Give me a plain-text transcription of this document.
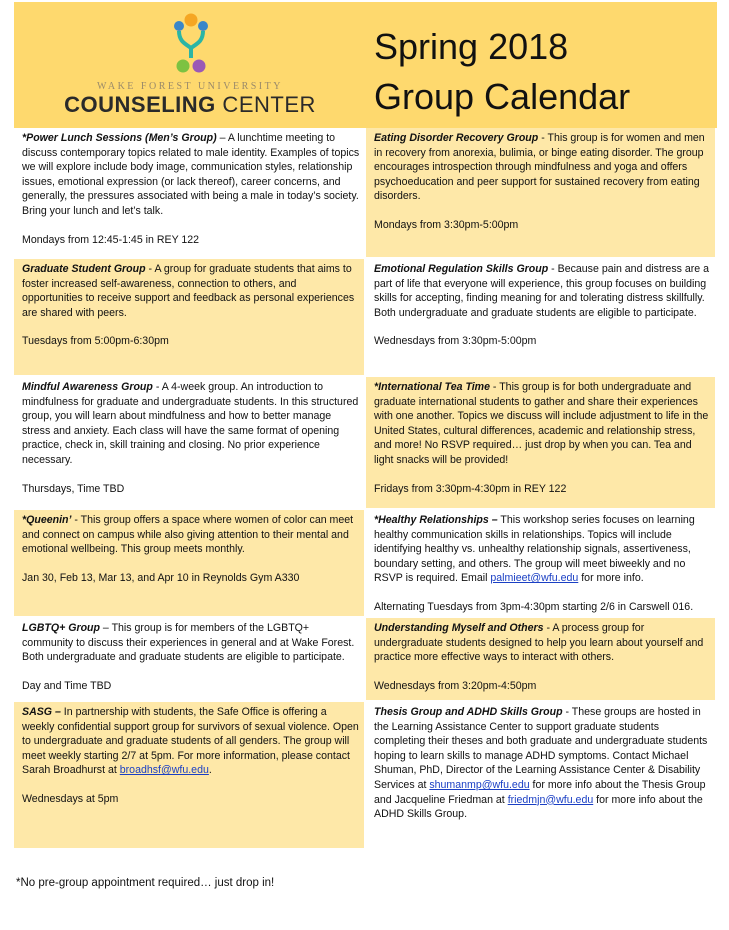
WAKE FOREST UNIVERSITY
COUNSELING CENTER
Spring 2018
Group Calendar

*Power Lunch Sessions (Men’s Group) – A lunchtime meeting to discuss contemporary topics related to male identity. Examples of topics we will explore include body image, communication styles, relationship issues, emotional expression (or lack thereof), career concerns, and generally, the pressures associated with being a male in today’s society. Bring your lunch and let’s talk.

Mondays from 12:45-1:45 in REY 122

Eating Disorder Recovery Group - This group is for women and men in recovery from anorexia, bulimia, or binge eating disorder. The group encourages introspection through mindfulness and yoga and offers psychoeducation and peer support for sustained recovery from eating disorders.

Mondays from 3:30pm-5:00pm

Graduate Student Group - A group for graduate students that aims to foster increased self-awareness, connection to others, and opportunities to receive support and feedback as personal experiences are shared with peers.

Tuesdays from 5:00pm-6:30pm

Emotional Regulation Skills Group - Because pain and distress are a part of life that everyone will experience, this group focuses on building skills for accepting, finding meaning for and tolerating distress skillfully. Both undergraduate and graduate students are eligible to participate.

Wednesdays from 3:30pm-5:00pm

Mindful Awareness Group - A 4-week group. An introduction to mindfulness for graduate and undergraduate students. In this structured group, you will learn about mindfulness and how to better manage stress and anxiety. Each class will have the same format of opening practice, check in, skill training and closing. No prior experience necessary.

Thursdays, Time TBD

*International Tea Time - This group is for both undergraduate and graduate international students to gather and share their experiences with one another. Topics we discuss will include adjustment to life in the United States, cultural differences, academic and relationship stress, and more! No RSVP required… just drop by when you can. Tea and light snacks will be provided!

Fridays from 3:30pm-4:30pm in REY 122

*Queenin’ - This group offers a space where women of color can meet and connect on campus while also giving attention to their mental and emotional wellbeing. This group meets monthly.

Jan 30, Feb 13, Mar 13, and Apr 10 in Reynolds Gym A330

*Healthy Relationships – This workshop series focuses on learning healthy communication skills in relationships. Topics will include identifying healthy vs. unhealthy relationship signals, assertiveness, boundary setting, and others. The group will meet biweekly and no RSVP is required. Email palmieet@wfu.edu for more info.

Alternating Tuesdays from 3pm-4:30pm starting 2/6 in Carswell 016.

LGBTQ+ Group – This group is for members of the LGBTQ+ community to discuss their experiences in general and at Wake Forest. Both undergraduate and graduate students are eligible to participate.

Day and Time TBD

Understanding Myself and Others - A process group for undergraduate students designed to help you learn about yourself and practice more effective ways to interact with others.

Wednesdays from 3:20pm-4:50pm

SASG – In partnership with students, the Safe Office is offering a weekly confidential support group for survivors of sexual violence. Open to undergraduate and graduate students of all genders. The group will meet weekly starting 2/7 at 5pm. For more information, please contact Sarah Broadhurst at broadhsf@wfu.edu.

Wednesdays at 5pm

Thesis Group and ADHD Skills Group - These groups are hosted in the Learning Assistance Center to support graduate students completing their theses and both graduate and undergraduate students hoping to learn skills to manage ADHD symptoms. Contact Michael Shuman, PhD, Director of the Learning Assistance Center & Disability Services at shumanmp@wfu.edu for more info about the Thesis Group and Jacqueline Friedman at friedmjn@wfu.edu for more info about the ADHD Skills Group.

*No pre-group appointment required… just drop in!
